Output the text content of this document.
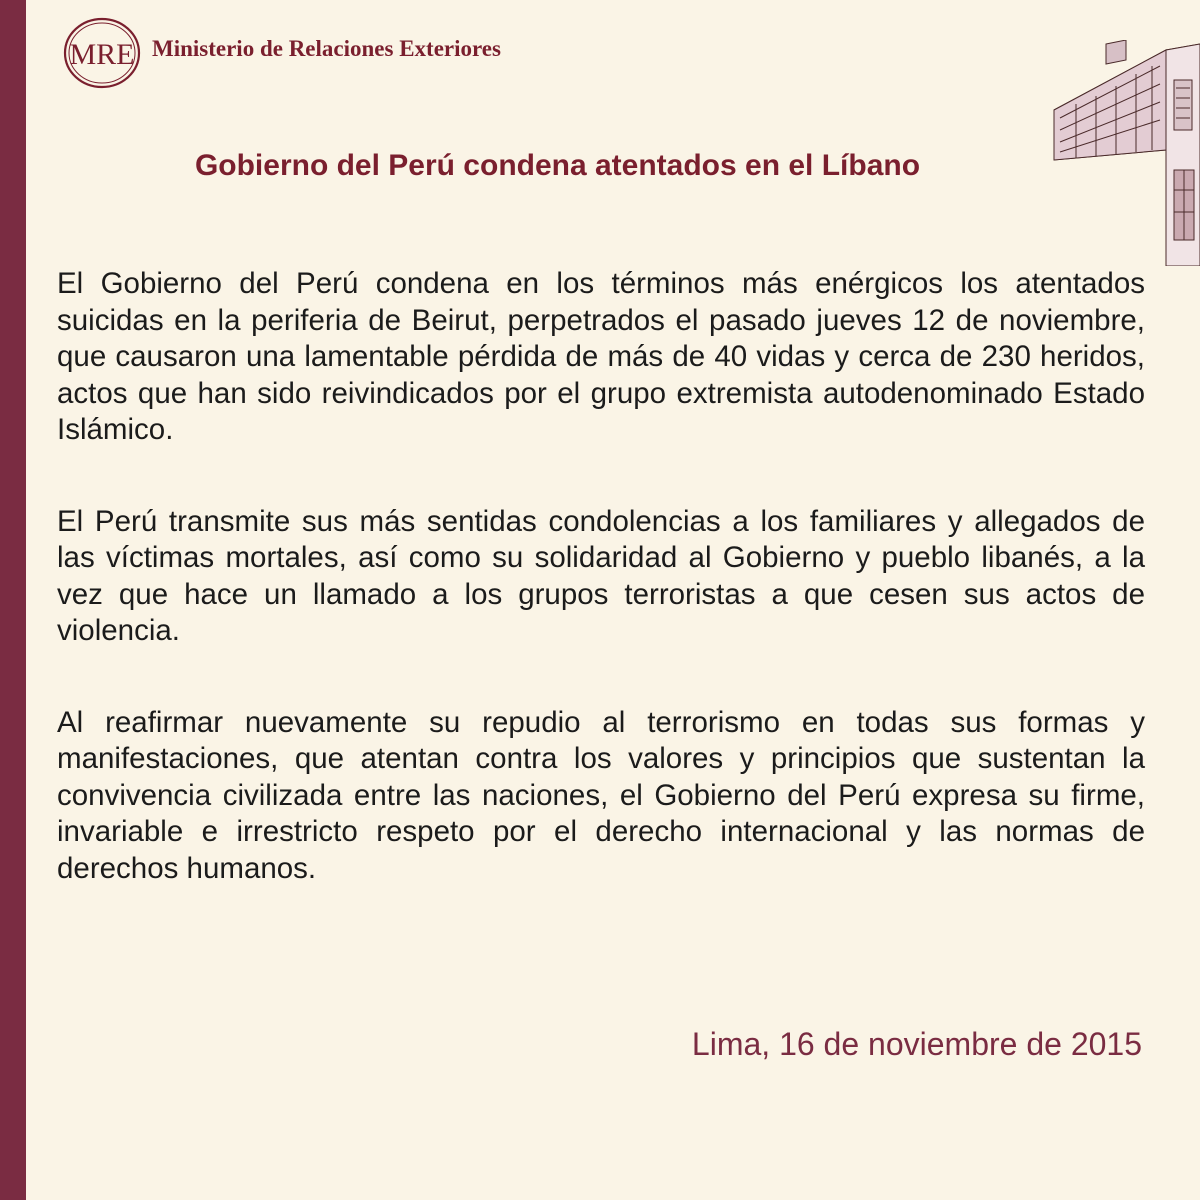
MRE Ministerio de Relaciones Exteriores
Gobierno del Perú condena atentados en el Líbano

El Gobierno del Perú condena en los términos más enérgicos los atentados suicidas en la periferia de Beirut, perpetrados el pasado jueves 12 de noviembre, que causaron una lamentable pérdida de más de 40 vidas y cerca de 230 heridos, actos que han sido reivindicados por el grupo extremista autodenominado Estado Islámico.

El Perú transmite sus más sentidas condolencias a los familiares y allegados de las víctimas mortales, así como su solidaridad al Gobierno y pueblo libanés, a la vez que hace un llamado a los grupos terroristas a que cesen sus actos de violencia.

Al reafirmar nuevamente su repudio al terrorismo en todas sus formas y manifestaciones, que atentan contra los valores y principios que sustentan la convivencia civilizada entre las naciones, el Gobierno del Perú expresa su firme, invariable e irrestricto respeto por el derecho internacional y las normas de derechos humanos.

Lima, 16 de noviembre de 2015
